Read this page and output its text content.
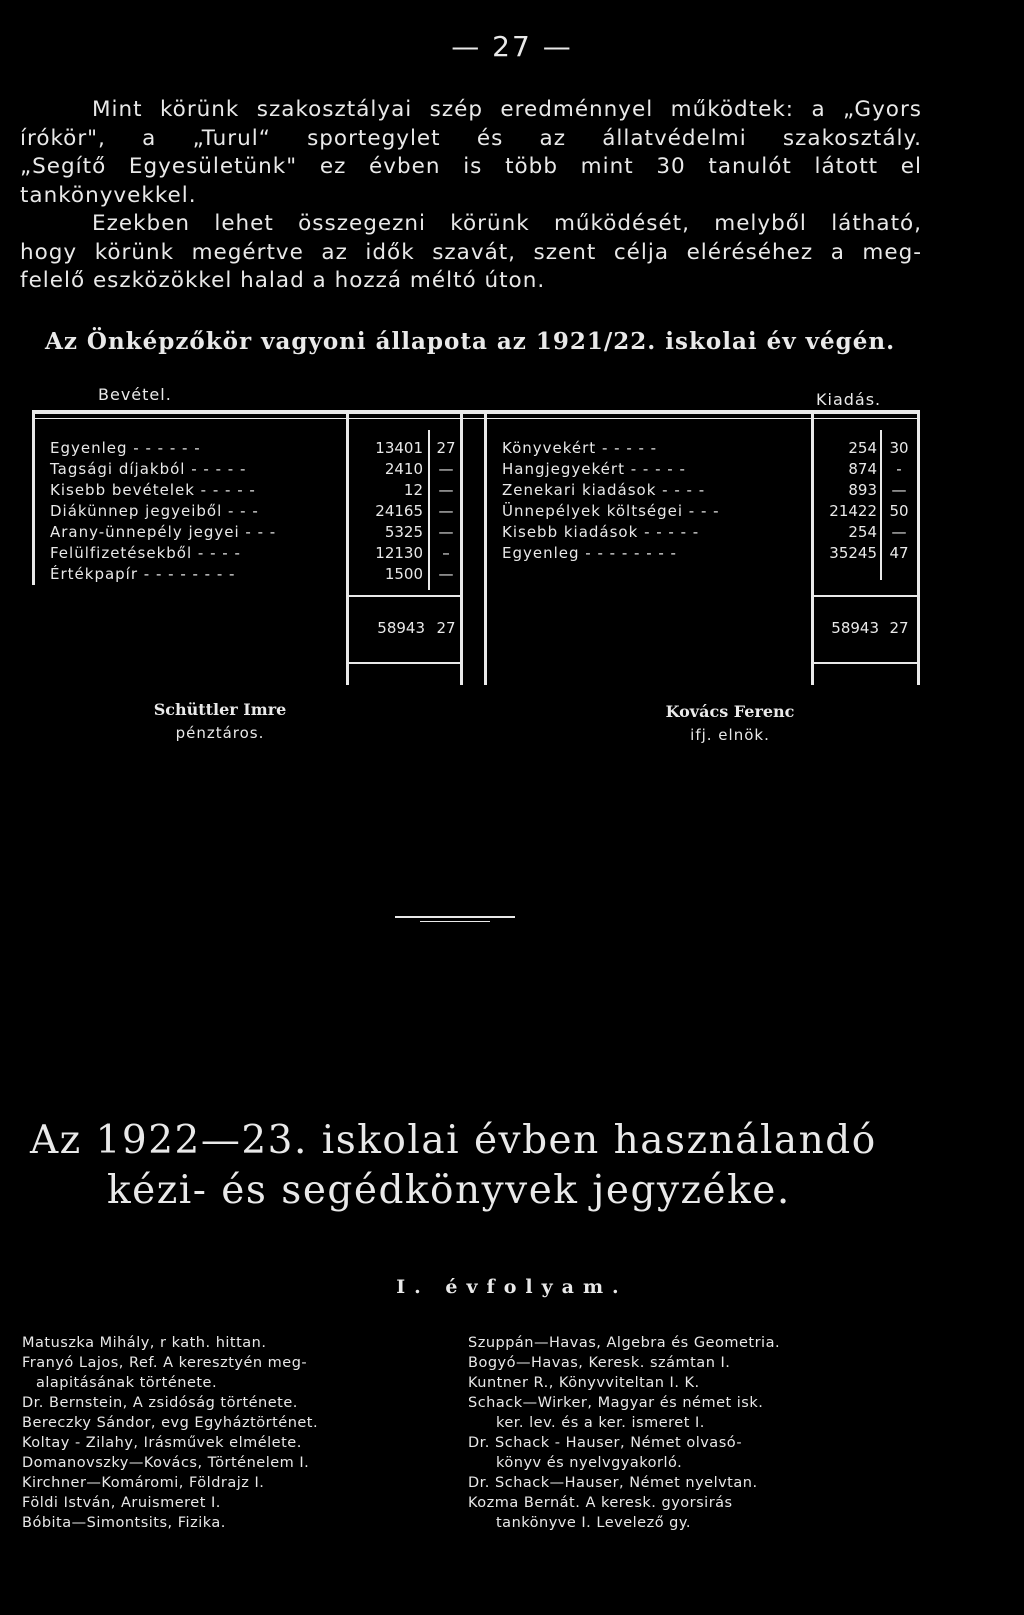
— 27 —

Mint körünk szakosztályai szép eredménnyel működtek: a „Gyors

írókör", a „Turul“ sportegylet és az állatvédelmi szakosztály.

„Segítő Egyesületünk" ez évben is több mint 30 tanulót látott el

tankönyvekkel.

Ezekben lehet összegezni körünk működését, melyből látható,

hogy körünk megértve az idők szavát, szent célja eléréséhez a meg-

felelő eszközökkel halad a hozzá méltó úton.

Az Önképzőkör vagyoni állapota az 1921/22. iskolai év végén.
Bevétel.	Kiadás.
Egyenleg - - - - - -	13401 27
Tagsági díjakból - - - - -	2410	—
Kisebb bevételek - - - - -	12	—
Diákünnep jegyeiből - - -	24165	—
Arany-ünnepély jegyei - - -	5325	—
Felülfizetésekből - - - -	12130	–
Értékpapír - - - - - - - -	1500	—
58943 27
Könyvekért - - - - -	254 30
Hangjegyekért - - - - -	874	-
Zenekari kiadások - - - -	893 —
Ünnepélyek költségei - - -	21422 50
Kisebb kiadások - - - - -	254 —
Egyenleg - - - - - - - -	35245 47
58943 27
Schüttler Imre
pénztáros.
Kovács Ferenc
ifj. elnök.
Az 1922—23. iskolai évben használandó
kézi- és segédkönyvek jegyzéke.
I. évfolyam.
Matuszka Mihály, r kath. hittan.
Franyó Lajos, Ref. A keresztyén meg-
alapitásának története.
Dr. Bernstein, A zsidóság története.
Bereczky Sándor, evg Egyháztörténet.
Koltay - Zilahy, Irásművek elmélete.
Domanovszky—Kovács, Történelem I.
Kirchner—Komáromi, Földrajz I.
Földi István, Aruismeret I.
Bóbita—Simontsits, Fizika.
Szuppán—Havas, Algebra és Geometria.
Bogyó—Havas, Keresk. számtan I.
Kuntner R., Könyvviteltan I. K.
Schack—Wirker, Magyar és német isk.
ker. lev. és a ker. ismeret I.
Dr. Schack - Hauser, Német olvasó-
könyv és nyelvgyakorló.
Dr. Schack—Hauser, Német nyelvtan.
Kozma Bernát. A keresk. gyorsirás
tankönyve I. Levelező gy.
